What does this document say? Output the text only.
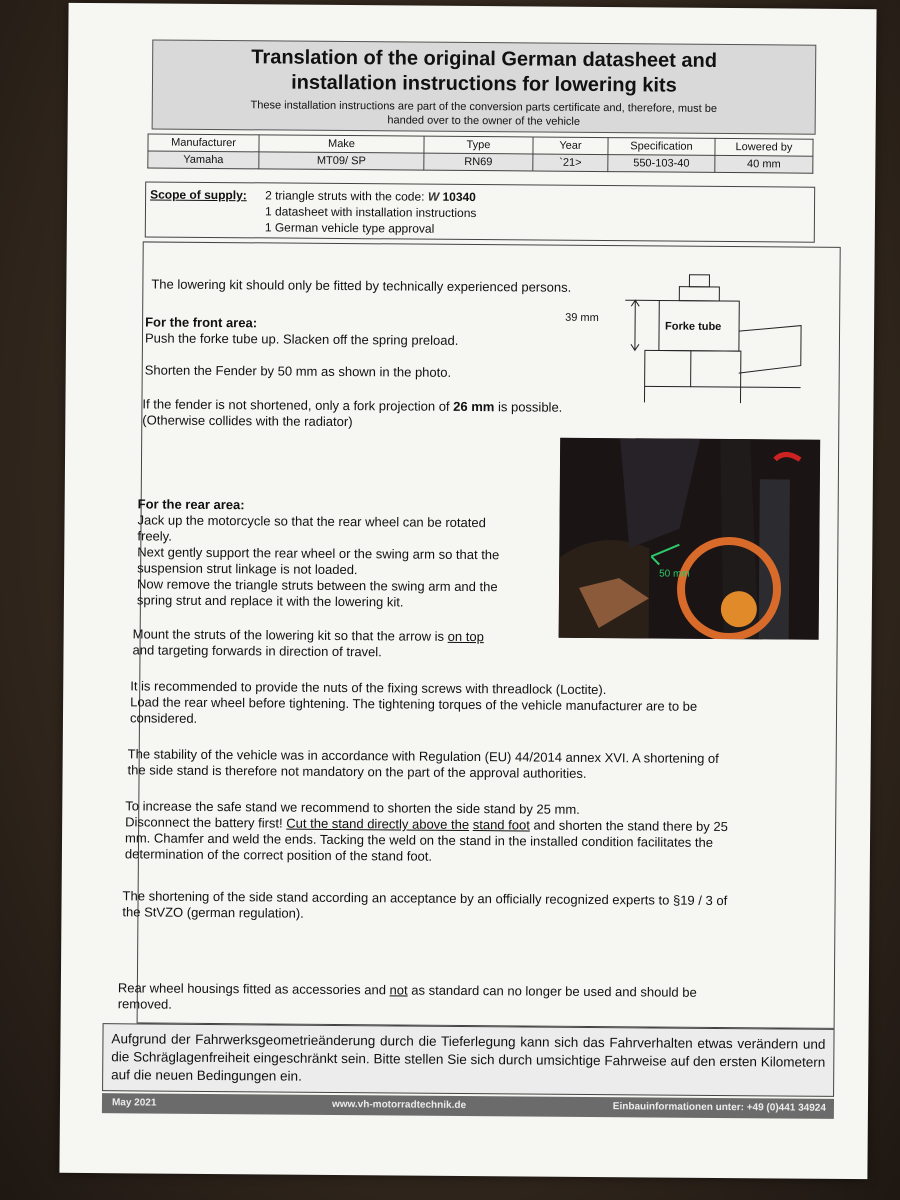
Translation of the original German datasheet and
installation instructions for lowering kits
These installation instructions are part of the conversion parts certificate and, therefore, must be
handed over to the owner of the vehicle
Manufacturer	Make	Type	Year	Specification	Lowered by
Yamaha	MT09/ SP	RN69	`21>	550-103-40	40 mm
Scope of supply: 2 triangle struts with the code: W 10340
1 datasheet with installation instructions
1 German vehicle type approval
The lowering kit should only be fitted by technically experienced persons.
For the front area:
Push the forke tube up. Slacken off the spring preload.
Shorten the Fender by 50 mm as shown in the photo.
If the fender is not shortened, only a fork projection of 26 mm is possible.
(Otherwise collides with the radiator)
39 mm
Forke tube
50 mm
For the rear area:
Jack up the motorcycle so that the rear wheel can be rotated
freely.
Next gently support the rear wheel or the swing arm so that the
suspension strut linkage is not loaded.
Now remove the triangle struts between the swing arm and the
spring strut and replace it with the lowering kit.
Mount the struts of the lowering kit so that the arrow is on top
and targeting forwards in direction of travel.
It is recommended to provide the nuts of the fixing screws with threadlock (Loctite).
Load the rear wheel before tightening. The tightening torques of the vehicle manufacturer are to be
considered.
The stability of the vehicle was in accordance with Regulation (EU) 44/2014 annex XVI. A shortening of
the side stand is therefore not mandatory on the part of the approval authorities.
To increase the safe stand we recommend to shorten the side stand by 25 mm.
Disconnect the battery first! Cut the stand directly above the stand foot and shorten the stand there by 25
mm. Chamfer and weld the ends. Tacking the weld on the stand in the installed condition facilitates the
determination of the correct position of the stand foot.
The shortening of the side stand according an acceptance by an officially recognized experts to §19 / 3 of
the StVZO (german regulation).
Rear wheel housings fitted as accessories and not as standard can no longer be used and should be
removed.
Aufgrund der Fahrwerksgeometrieänderung durch die Tieferlegung kann sich das Fahrverhalten etwas verändern und die Schräglagenfreiheit eingeschränkt sein. Bitte stellen Sie sich durch umsichtige Fahrweise auf den ersten Kilometern auf die neuen Bedingungen ein.
May 2021	www.vh-motorradtechnik.de	Einbauinformationen unter: +49 (0)441 34924
